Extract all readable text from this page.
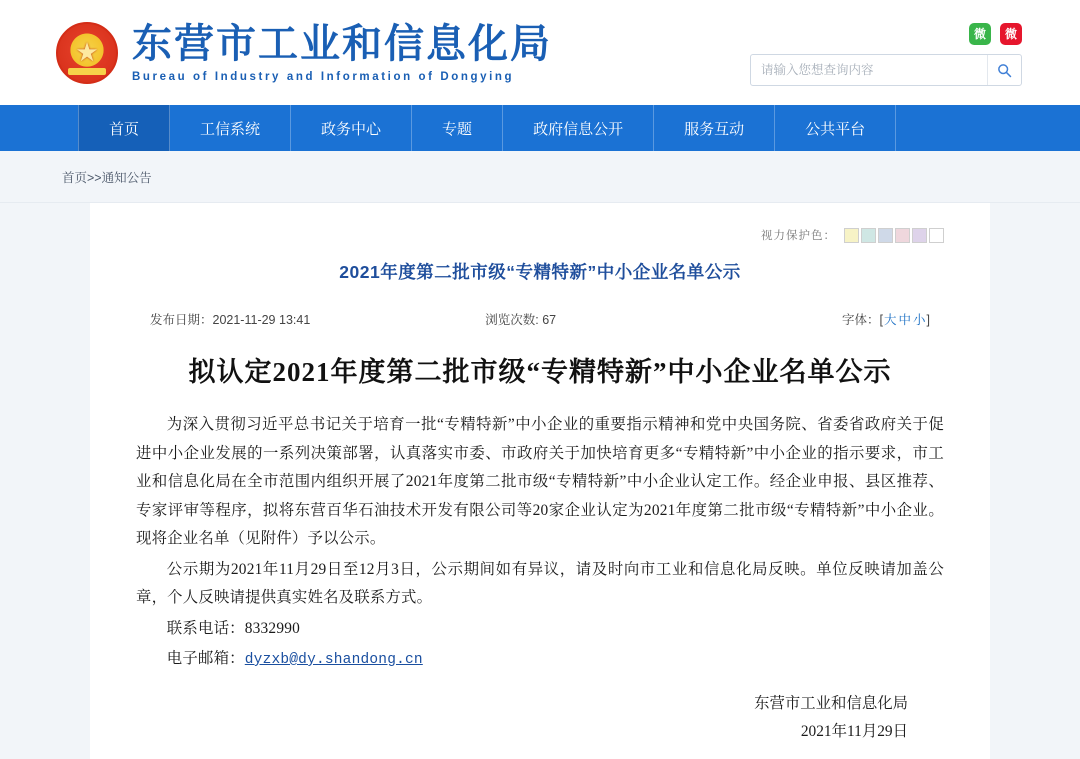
★
东营市工业和信息化局
Bureau of Industry and Information of Dongying
微	微
请输入您想查询内容
首页	工信系统	政务中心	专题	政府信息公开	服务互动	公共平台
首页>>通知公告
视力保护色：
2021年度第二批市级“专精特新”中小企业名单公示
发布日期：2021-11-29 13:41	浏览次数: 67	字体：[大 中 小]
拟认定2021年度第二批市级“专精特新”中小企业名单公示

为深入贯彻习近平总书记关于培育一批“专精特新”中小企业的重要指示精神和党中央国务院、省委省政府关于促进中小企业发展的一系列决策部署，认真落实市委、市政府关于加快培育更多“专精特新”中小企业的指示要求，市工业和信息化局在全市范围内组织开展了2021年度第二批市级“专精特新”中小企业认定工作。经企业申报、县区推荐、专家评审等程序，拟将东营百华石油技术开发有限公司等20家企业认定为2021年度第二批市级“专精特新”中小企业。现将企业名单（见附件）予以公示。

公示期为2021年11月29日至12月3日，公示期间如有异议，请及时向市工业和信息化局反映。单位反映请加盖公章，个人反映请提供真实姓名及联系方式。

联系电话：8332990

电子邮箱：dyzxb@dy.shandong.cn

东营市工业和信息化局
2021年11月29日
